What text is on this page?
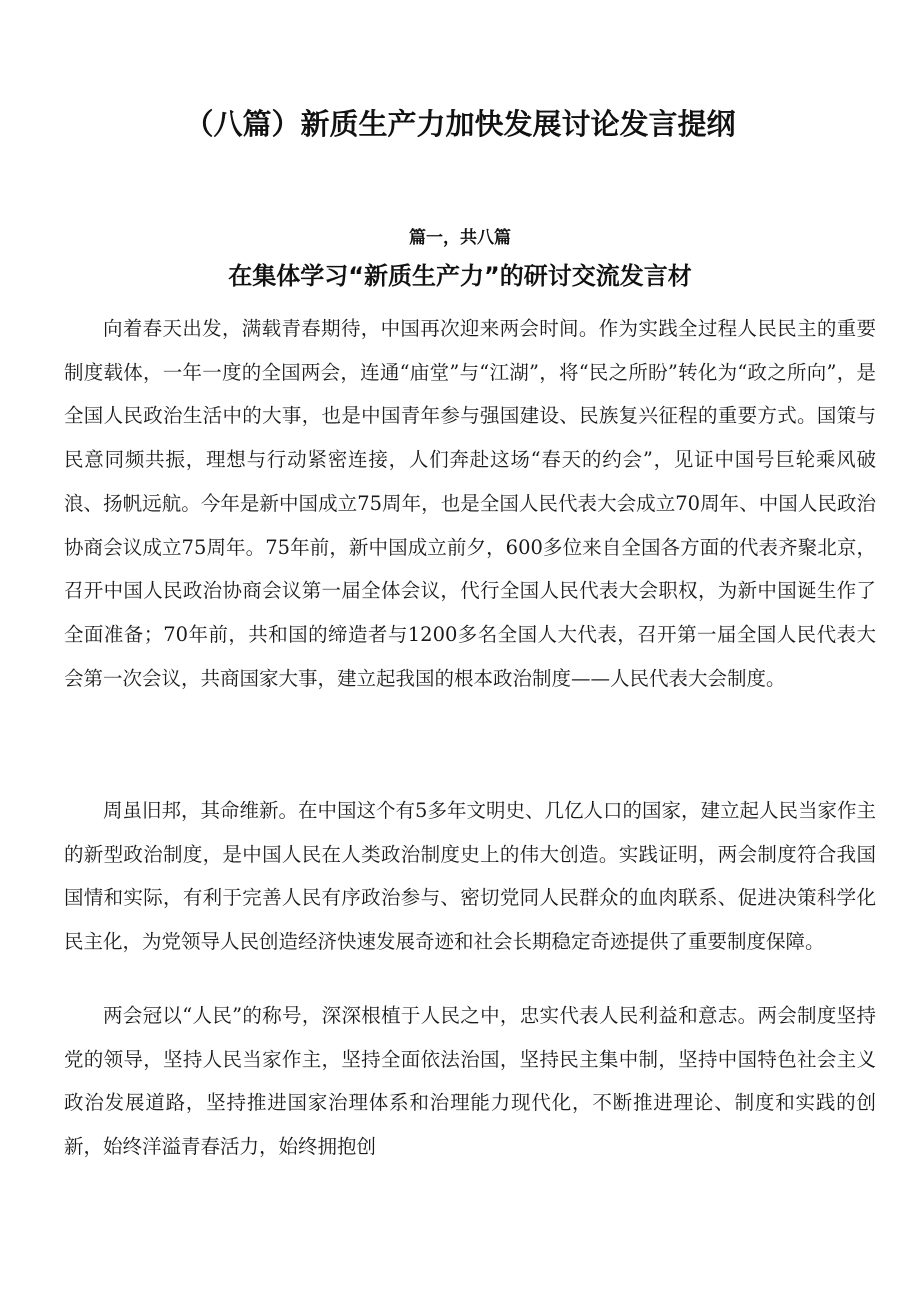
（八篇）新质生产力加快发展讨论发言提纲
篇一，共八篇
在集体学习“新质生产力”的研讨交流发言材

向着春天出发，满载青春期待，中国再次迎来两会时间。作为实践全过程人民民主的重要制度载体，一年一度的全国两会，连通“庙堂”与“江湖”，将“民之所盼”转化为“政之所向”，是全国人民政治生活中的大事，也是中国青年参与强国建设、民族复兴征程的重要方式。国策与民意同频共振，理想与行动紧密连接，人们奔赴这场“春天的约会”，见证中国号巨轮乘风破浪、扬帆远航。今年是新中国成立75周年，也是全国人民代表大会成立70周年、中国人民政治协商会议成立75周年。75年前，新中国成立前夕，600多位来自全国各方面的代表齐聚北京，召开中国人民政治协商会议第一届全体会议，代行全国人民代表大会职权，为新中国诞生作了全面准备；70年前，共和国的缔造者与1200多名全国人大代表，召开第一届全国人民代表大会第一次会议，共商国家大事，建立起我国的根本政治制度——人民代表大会制度。

周虽旧邦，其命维新。在中国这个有5多年文明史、几亿人口的国家，建立起人民当家作主的新型政治制度，是中国人民在人类政治制度史上的伟大创造。实践证明，两会制度符合我国国情和实际，有利于完善人民有序政治参与、密切党同人民群众的血肉联系、促进决策科学化民主化，为党领导人民创造经济快速发展奇迹和社会长期稳定奇迹提供了重要制度保障。

两会冠以“人民”的称号，深深根植于人民之中，忠实代表人民利益和意志。两会制度坚持党的领导，坚持人民当家作主，坚持全面依法治国，坚持民主集中制，坚持中国特色社会主义政治发展道路，坚持推进国家治理体系和治理能力现代化，不断推进理论、制度和实践的创新，始终洋溢青春活力，始终拥抱创
